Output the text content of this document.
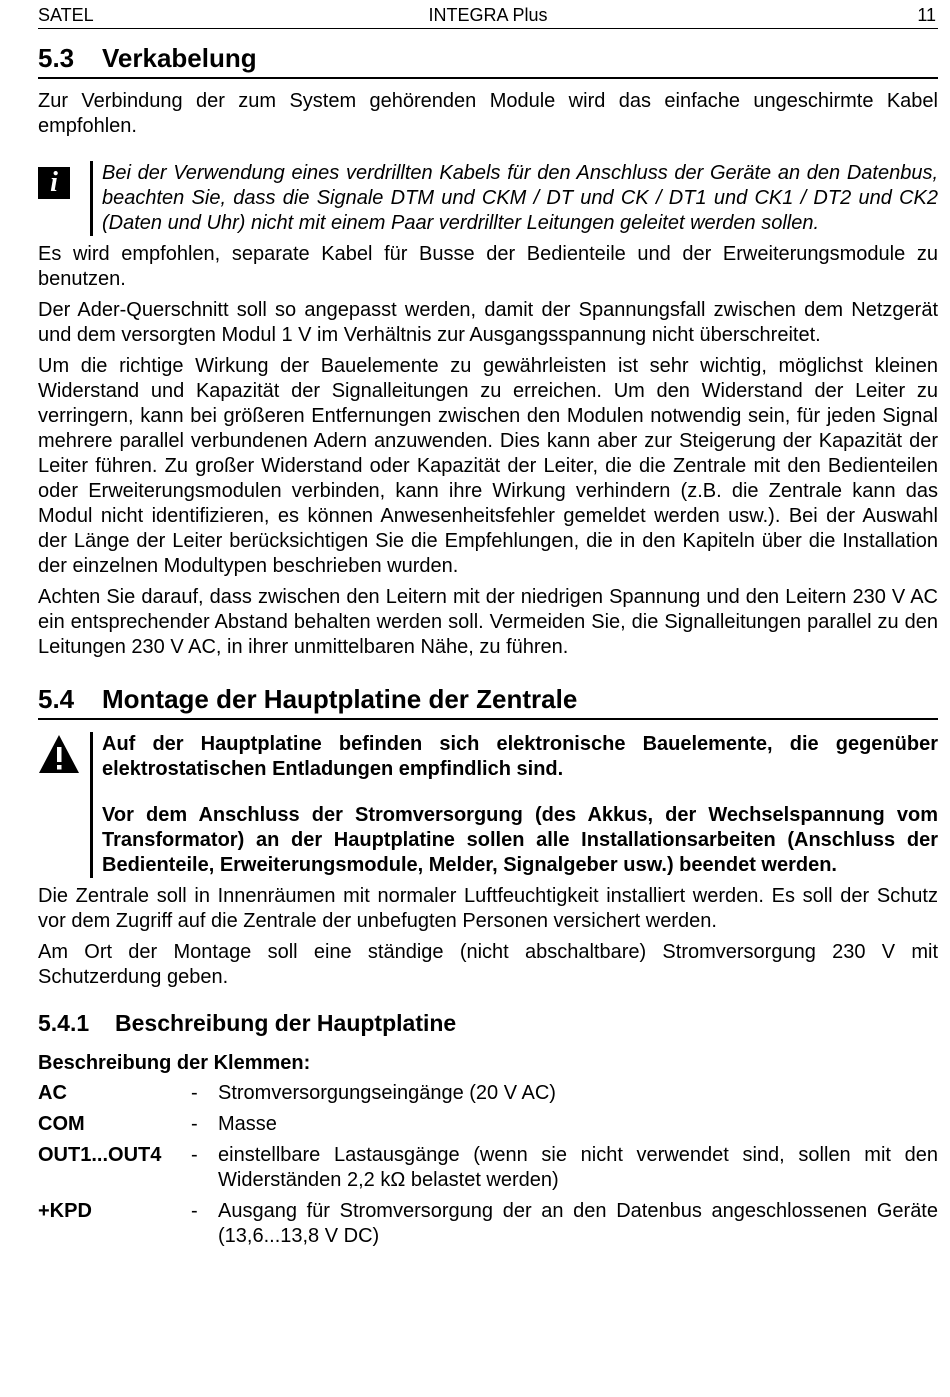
SATEL	INTEGRA Plus	11
5.3 Verkabelung

Zur Verbindung der zum System gehörenden Module wird das einfache ungeschirmte Kabel empfohlen.

i	Bei der Verwendung eines verdrillten Kabels für den Anschluss der Geräte an den Datenbus, beachten Sie, dass die Signale DTM und CKM / DT und CK / DT1 und CK1 / DT2 und CK2 (Daten und Uhr) nicht mit einem Paar verdrillter Leitungen geleitet werden sollen.

Es wird empfohlen, separate Kabel für Busse der Bedienteile und der Erweiterungsmodule zu benutzen.

Der Ader-Querschnitt soll so angepasst werden, damit der Spannungsfall zwischen dem Netzgerät und dem versorgten Modul 1 V im Verhältnis zur Ausgangsspannung nicht überschreitet.

Um die richtige Wirkung der Bauelemente zu gewährleisten ist sehr wichtig, möglichst kleinen Widerstand und Kapazität der Signalleitungen zu erreichen. Um den Widerstand der Leiter zu verringern, kann bei größeren Entfernungen zwischen den Modulen notwendig sein, für jeden Signal mehrere parallel verbundenen Adern anzuwenden. Dies kann aber zur Steigerung der Kapazität der Leiter führen. Zu großer Widerstand oder Kapazität der Leiter, die die Zentrale mit den Bedienteilen oder Erweiterungsmodulen verbinden, kann ihre Wirkung verhindern (z.B. die Zentrale kann das Modul nicht identifizieren, es können Anwesenheitsfehler gemeldet werden usw.). Bei der Auswahl der Länge der Leiter berücksichtigen Sie die Empfehlungen, die in den Kapiteln über die Installation der einzelnen Modultypen beschrieben wurden.

Achten Sie darauf, dass zwischen den Leitern mit der niedrigen Spannung und den Leitern 230 V AC ein entsprechender Abstand behalten werden soll. Vermeiden Sie, die Signalleitungen parallel zu den Leitungen 230 V AC, in ihrer unmittelbaren Nähe, zu führen.

5.4 Montage der Hauptplatine der Zentrale

Auf der Hauptplatine befinden sich elektronische Bauelemente, die gegenüber elektrostatischen Entladungen empfindlich sind.

Vor dem Anschluss der Stromversorgung (des Akkus, der Wechselspannung vom Transformator) an der Hauptplatine sollen alle Installationsarbeiten (Anschluss der Bedienteile, Erweiterungsmodule, Melder, Signalgeber usw.) beendet werden.

Die Zentrale soll in Innenräumen mit normaler Luftfeuchtigkeit installiert werden. Es soll der Schutz vor dem Zugriff auf die Zentrale der unbefugten Personen versichert werden.

Am Ort der Montage soll eine ständige (nicht abschaltbare) Stromversorgung 230 V mit Schutzerdung geben.

5.4.1 Beschreibung der Hauptplatine

Beschreibung der Klemmen:

AC	- Stromversorgungseingänge (20 V AC)

COM	- Masse

OUT1...OUT4 - einstellbare Lastausgänge (wenn sie nicht verwendet sind, sollen mit den Widerständen 2,2 kΩ belastet werden)

+KPD	- Ausgang für Stromversorgung der an den Datenbus angeschlossenen Geräte (13,6...13,8 V DC)
